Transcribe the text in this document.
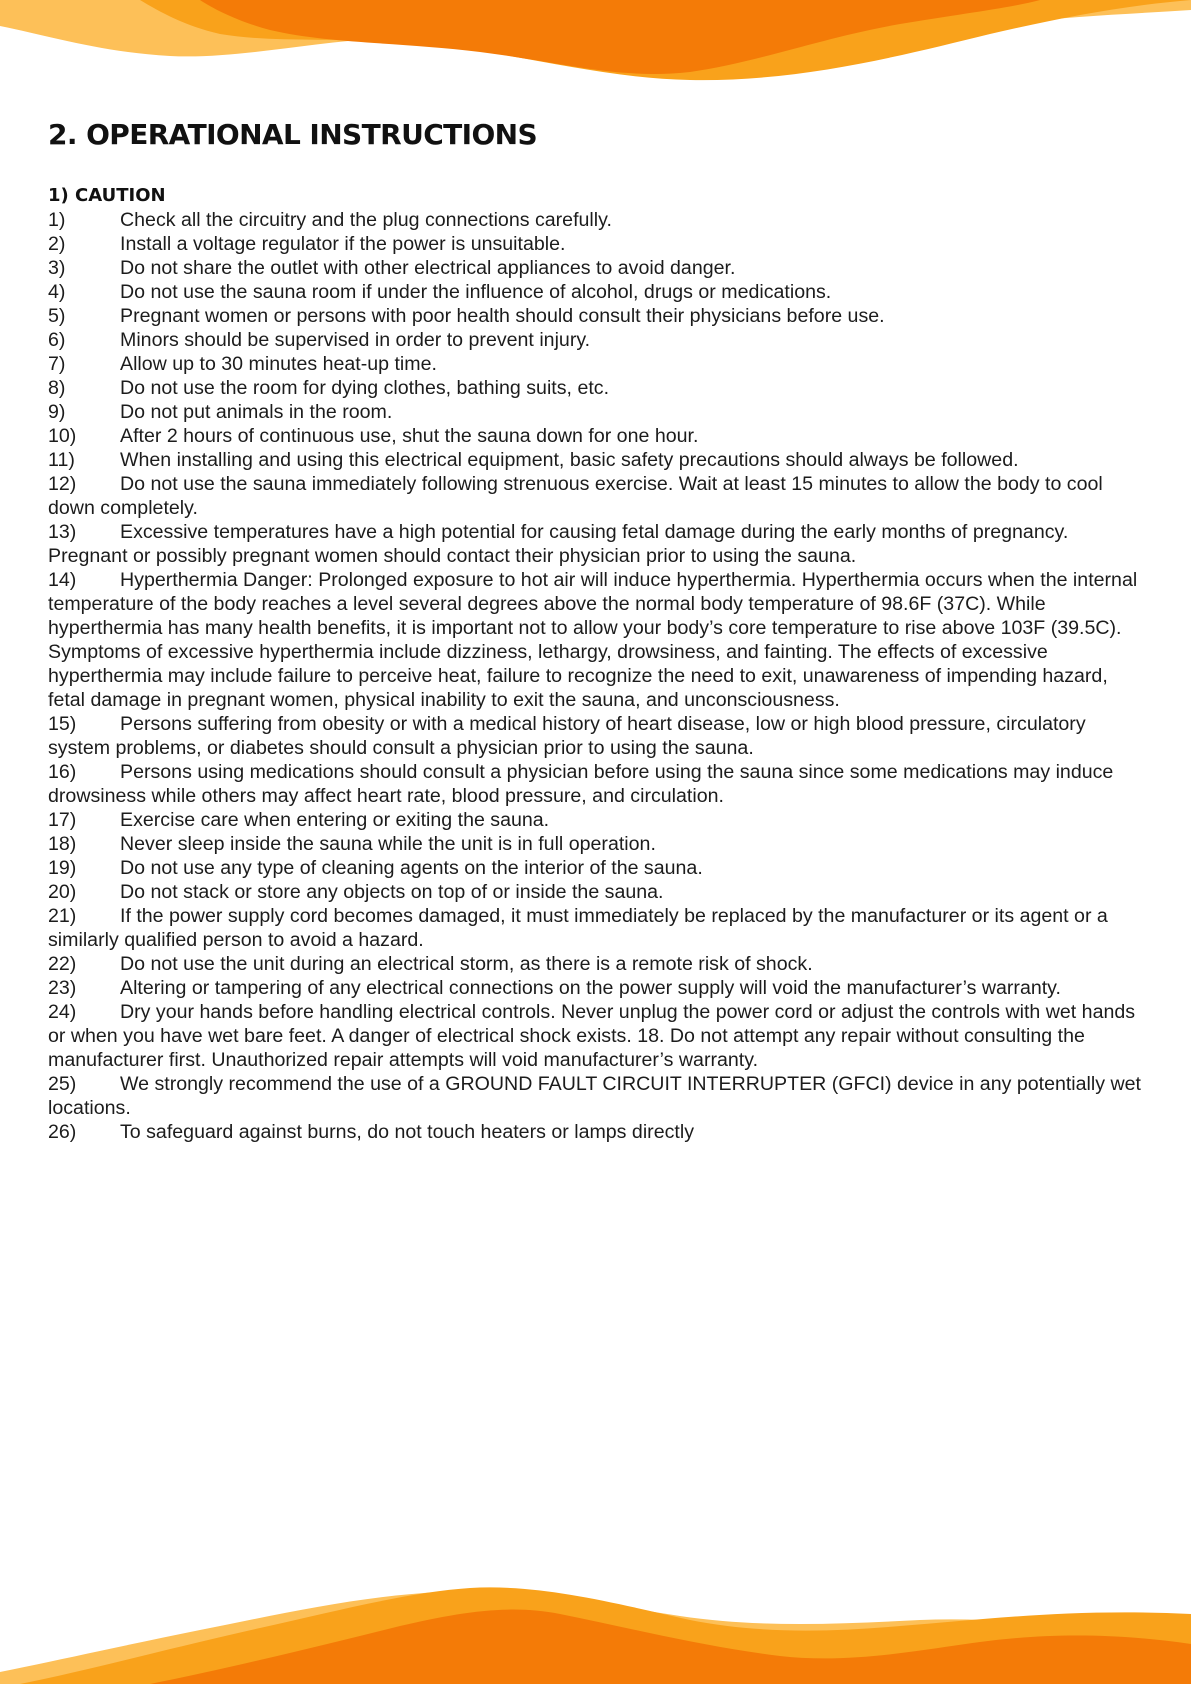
2. OPERATIONAL INSTRUCTIONS
1) CAUTION
1)	Check all the circuitry and the plug connections carefully.
2)	Install a voltage regulator if the power is unsuitable.
3)	Do not share the outlet with other electrical appliances to avoid danger.
4)	Do not use the sauna room if under the influence of alcohol, drugs or medications.
5)	Pregnant women or persons with poor health should consult their physicians before use.
6)	Minors should be supervised in order to prevent injury.
7)	Allow up to 30 minutes heat-up time.
8)	Do not use the room for dying clothes, bathing suits, etc.
9)	Do not put animals in the room.
10) After 2 hours of continuous use, shut the sauna down for one hour.
11) When installing and using this electrical equipment, basic safety precautions should always be followed.
12) Do not use the sauna immediately following strenuous exercise. Wait at least 15 minutes to allow the body to cool down completely.
13) Excessive temperatures have a high potential for causing fetal damage during the early months of pregnancy. Pregnant or possibly pregnant women should contact their physician prior to using the sauna.
14) Hyperthermia Danger: Prolonged exposure to hot air will induce hyperthermia. Hyperthermia occurs when the internal temperature of the body reaches a level several degrees above the normal body temperature of 98.6F (37C). While hyperthermia has many health benefits, it is important not to allow your body’s core temperature to rise above 103F (39.5C). Symptoms of excessive hyperthermia include dizziness, lethargy, drowsiness, and fainting. The effects of excessive hyperthermia may include failure to perceive heat, failure to recognize the need to exit, unawareness of impending hazard, fetal damage in pregnant women, physical inability to exit the sauna, and unconsciousness.
15) Persons suffering from obesity or with a medical history of heart disease, low or high blood pressure, circulatory system problems, or diabetes should consult a physician prior to using the sauna.
16) Persons using medications should consult a physician before using the sauna since some medications may induce drowsiness while others may affect heart rate, blood pressure, and circulation.
17) Exercise care when entering or exiting the sauna.
18) Never sleep inside the sauna while the unit is in full operation.
19) Do not use any type of cleaning agents on the interior of the sauna.
20) Do not stack or store any objects on top of or inside the sauna.
21) If the power supply cord becomes damaged, it must immediately be replaced by the manufacturer or its agent or a similarly qualified person to avoid a hazard.
22) Do not use the unit during an electrical storm, as there is a remote risk of shock.
23) Altering or tampering of any electrical connections on the power supply will void the manufacturer’s warranty.
24) Dry your hands before handling electrical controls. Never unplug the power cord or adjust the controls with wet hands or when you have wet bare feet. A danger of electrical shock exists. 18. Do not attempt any repair without consulting the manufacturer first. Unauthorized repair attempts will void manufacturer’s warranty.
25) We strongly recommend the use of a GROUND FAULT CIRCUIT INTERRUPTER (GFCI) device in any potentially wet locations.
26) To safeguard against burns, do not touch heaters or lamps directly
